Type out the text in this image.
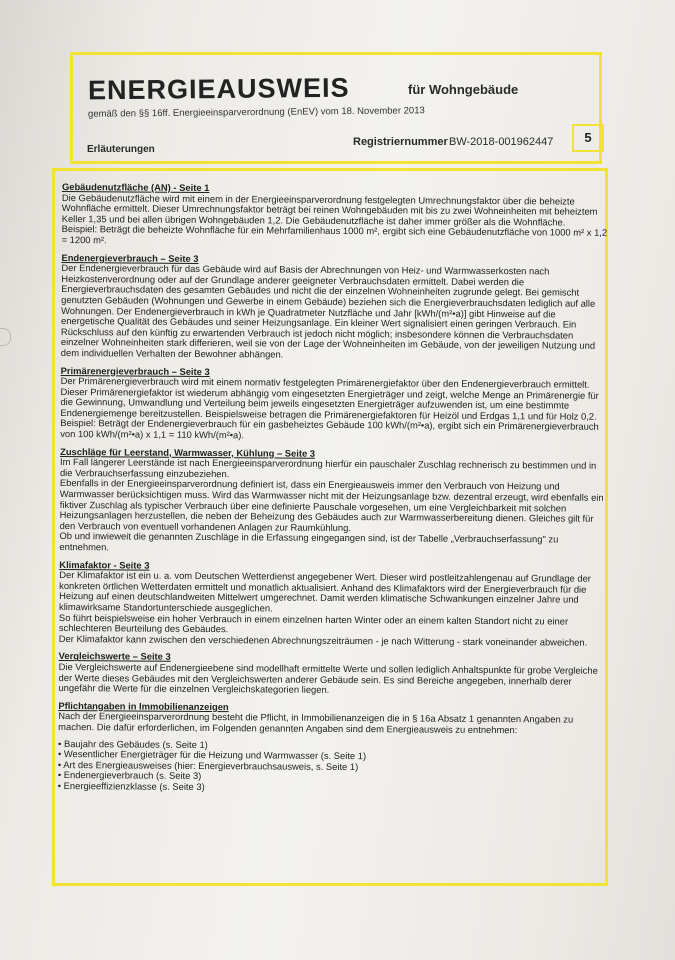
ENERGIEAUSWEIS	für Wohngebäude
gemäß den §§ 16ff. Energieeinsparverordnung (EnEV) vom 18. November 2013
Erläuterungen
Registriernummer BW-2018-001962447	5
Gebäudenutzfläche (AN) - Seite 1

Die Gebäudenutzfläche wird mit einem in der Energieeinsparverordnung festgelegten Umrechnungsfaktor über die beheizte Wohnfläche ermittelt. Dieser Umrechnungsfaktor beträgt bei reinen Wohngebäuden mit bis zu zwei Wohneinheiten mit beheiztem Keller 1,35 und bei allen übrigen Wohngebäuden 1,2. Die Gebäudenutzfläche ist daher immer größer als die Wohnfläche.

Beispiel: Beträgt die beheizte Wohnfläche für ein Mehrfamilienhaus 1000 m², ergibt sich eine Gebäudenutzfläche von 1000 m² x 1,2 = 1200 m².

Endenergieverbrauch – Seite 3

Der Endenergieverbrauch für das Gebäude wird auf Basis der Abrechnungen von Heiz- und Warmwasserkosten nach Heizkostenverordnung oder auf der Grundlage anderer geeigneter Verbrauchsdaten ermittelt. Dabei werden die Energieverbrauchsdaten des gesamten Gebäudes und nicht die der einzelnen Wohneinheiten zugrunde gelegt. Bei gemischt genutzten Gebäuden (Wohnungen und Gewerbe in einem Gebäude) beziehen sich die Energieverbrauchsdaten lediglich auf alle Wohnungen. Der Endenergieverbrauch in kWh je Quadratmeter Nutzfläche und Jahr [kWh/(m²•a)] gibt Hinweise auf die energetische Qualität des Gebäudes und seiner Heizungsanlage. Ein kleiner Wert signalisiert einen geringen Verbrauch. Ein Rückschluss auf den künftig zu erwartenden Verbrauch ist jedoch nicht möglich; insbesondere können die Verbrauchsdaten einzelner Wohneinheiten stark differieren, weil sie von der Lage der Wohneinheiten im Gebäude, von der jeweiligen Nutzung und dem individuellen Verhalten der Bewohner abhängen.

Primärenergieverbrauch – Seite 3

Der Primärenergieverbrauch wird mit einem normativ festgelegten Primärenergiefaktor über den Endenergieverbrauch ermittelt. Dieser Primärenergiefaktor ist wiederum abhängig vom eingesetzten Energieträger und zeigt, welche Menge an Primärenergie für die Gewinnung, Umwandlung und Verteilung beim jeweils eingesetzten Energieträger aufzuwenden ist, um eine bestimmte Endenergiemenge bereitzustellen. Beispielsweise betragen die Primärenergiefaktoren für Heizöl und Erdgas 1,1 und für Holz 0,2.

Beispiel: Beträgt der Endenergieverbrauch für ein gasbeheiztes Gebäude 100 kWh/(m²•a), ergibt sich ein Primärenergieverbrauch von 100 kWh/(m²•a) x 1,1 = 110 kWh/(m²•a).

Zuschläge für Leerstand, Warmwasser, Kühlung – Seite 3

Im Fall längerer Leerstände ist nach Energieeinsparverordnung hierfür ein pauschaler Zuschlag rechnerisch zu bestimmen und in die Verbrauchserfassung einzubeziehen.

Ebenfalls in der Energieeinsparverordnung definiert ist, dass ein Energieausweis immer den Verbrauch von Heizung und Warmwasser berücksichtigen muss. Wird das Warmwasser nicht mit der Heizungsanlage bzw. dezentral erzeugt, wird ebenfalls ein fiktiver Zuschlag als typischer Verbrauch über eine definierte Pauschale vorgesehen, um eine Vergleichbarkeit mit solchen Heizungsanlagen herzustellen, die neben der Beheizung des Gebäudes auch zur Warmwasserbereitung dienen. Gleiches gilt für den Verbrauch von eventuell vorhandenen Anlagen zur Raumkühlung.

Ob und inwieweit die genannten Zuschläge in die Erfassung eingegangen sind, ist der Tabelle „Verbrauchserfassung" zu entnehmen.

Klimafaktor - Seite 3

Der Klimafaktor ist ein u. a. vom Deutschen Wetterdienst angegebener Wert. Dieser wird postleitzahlengenau auf Grundlage der konkreten örtlichen Wetterdaten ermittelt und monatlich aktualisiert. Anhand des Klimafaktors wird der Energieverbrauch für die Heizung auf einen deutschlandweiten Mittelwert umgerechnet. Damit werden klimatische Schwankungen einzelner Jahre und klimawirksame Standortunterschiede ausgeglichen.

So führt beispielsweise ein hoher Verbrauch in einem einzelnen harten Winter oder an einem kalten Standort nicht zu einer schlechteren Beurteilung des Gebäudes.

Der Klimafaktor kann zwischen den verschiedenen Abrechnungszeiträumen - je nach Witterung - stark voneinander abweichen.

Vergleichswerte – Seite 3

Die Vergleichswerte auf Endenergieebene sind modellhaft ermittelte Werte und sollen lediglich Anhaltspunkte für grobe Vergleiche der Werte dieses Gebäudes mit den Vergleichswerten anderer Gebäude sein. Es sind Bereiche angegeben, innerhalb derer ungefähr die Werte für die einzelnen Vergleichskategorien liegen.

Pflichtangaben in Immobilienanzeigen

Nach der Energieeinsparverordnung besteht die Pflicht, in Immobilienanzeigen die in § 16a Absatz 1 genannten Angaben zu machen. Die dafür erforderlichen, im Folgenden genannten Angaben sind dem Energieausweis zu entnehmen:

• Baujahr des Gebäudes (s. Seite 1)
• Wesentlicher Energieträger für die Heizung und Warmwasser (s. Seite 1)
• Art des Energieausweises (hier: Energieverbrauchsausweis, s. Seite 1)
• Endenergieverbrauch (s. Seite 3)
• Energieeffizienzklasse (s. Seite 3)
